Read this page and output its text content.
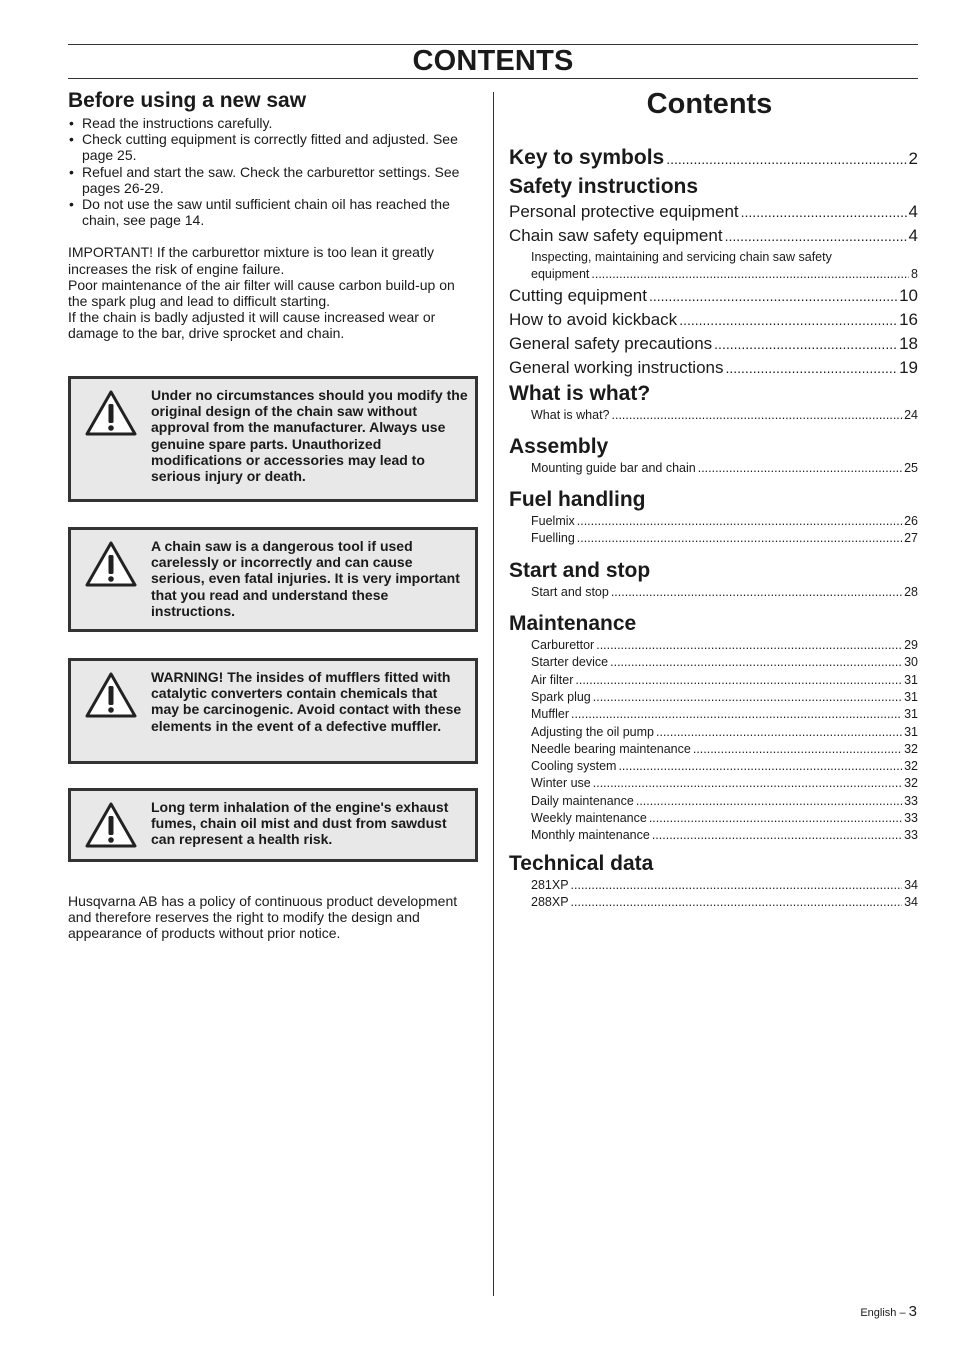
CONTENTS
Before using a new saw
• Read the instructions carefully.
• Check cutting equipment is correctly fitted and adjusted. See page 25.
• Refuel and start the saw. Check the carburettor settings. See pages 26-29.
• Do not use the saw until sufficient chain oil has reached the chain, see page 14.

IMPORTANT! If the carburettor mixture is too lean it greatly increases the risk of engine failure.

Poor maintenance of the air filter will cause carbon build-up on the spark plug and lead to difficult starting.

If the chain is badly adjusted it will cause increased wear or damage to the bar, drive sprocket and chain.

Under no circumstances should you modify the original design of the chain saw without approval from the manufacturer. Always use genuine spare parts. Unauthorized modifications or accessories may lead to serious injury or death.
A chain saw is a dangerous tool if used carelessly or incorrectly and can cause serious, even fatal injuries. It is very important that you read and understand these instructions.
WARNING! The insides of mufflers fitted with catalytic converters contain chemicals that may be carcinogenic. Avoid contact with these elements in the event of a defective muffler.
Long term inhalation of the engine's exhaust fumes, chain oil mist and dust from sawdust can represent a health risk.

Husqvarna AB has a policy of continuous product development and therefore reserves the right to modify the design and appearance of products without prior notice.

Contents
Key to symbols .....	2
Safety instructions
Personal protective equipment .....	4
Chain saw safety equipment .....	4
Inspecting, maintaining and servicing chain saw safety
equipment .....	8
Cutting equipment .....	10
How to avoid kickback .....	16
General safety precautions .....	18
General working instructions .....	19
What is what?
What is what? .....	24
Assembly
Mounting guide bar and chain .....	25
Fuel handling
Fuelmix .....	26
Fuelling .....	27
Start and stop
Start and stop .....	28
Maintenance
Carburettor .....	29
Starter device .....	30
Air filter .....	31
Spark plug .....	31
Muffler .....	31
Adjusting the oil pump .....	31
Needle bearing maintenance .....	32
Cooling system .....	32
Winter use .....	32
Daily maintenance .....	33
Weekly maintenance .....	33
Monthly maintenance .....	33
Technical data
281XP .....	34
288XP .....	34
English – 3
